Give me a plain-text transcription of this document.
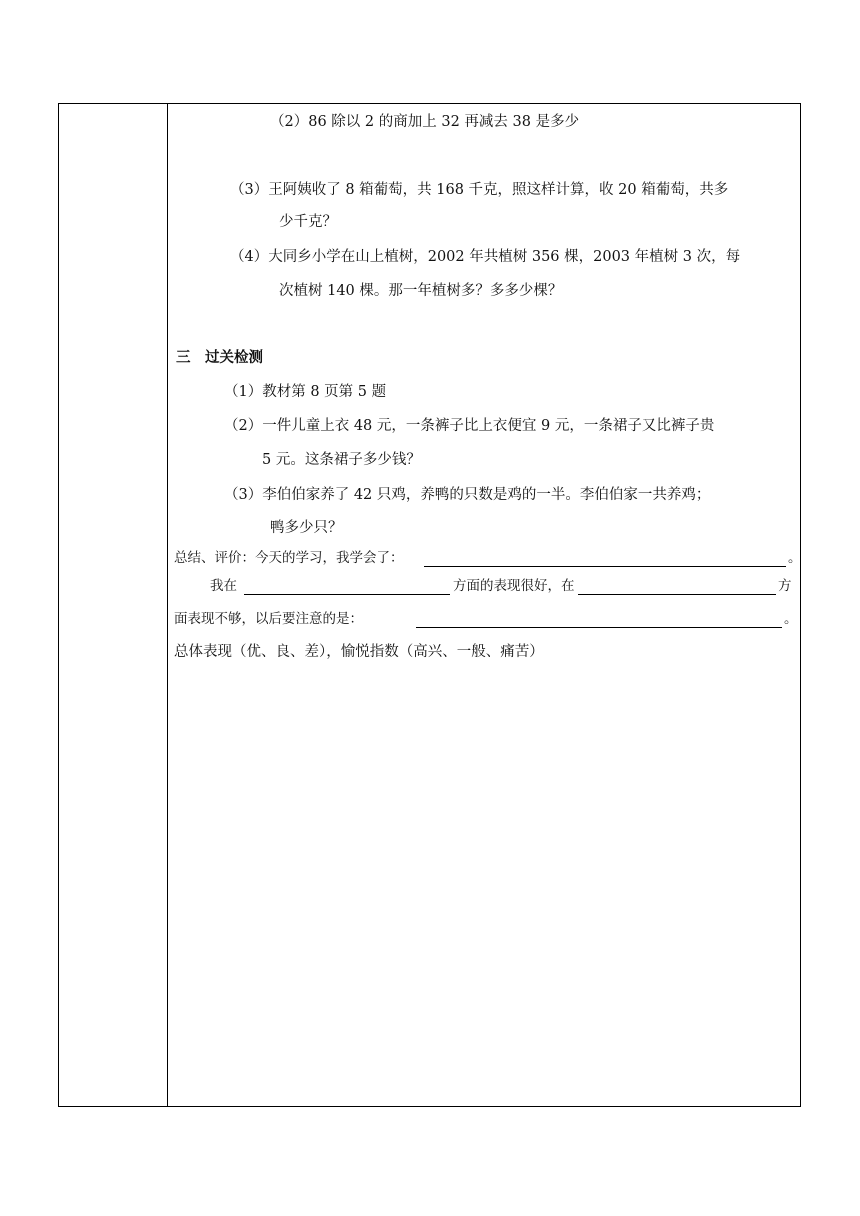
（2）86 除以 2 的商加上 32 再减去 38 是多少
（3）王阿姨收了 8 箱葡萄，共 168 千克，照这样计算，收 20 箱葡萄，共多
少千克？
（4）大同乡小学在山上植树，2002 年共植树 356 棵，2003 年植树 3 次，每
次植树 140 棵。那一年植树多？多多少棵？
三　过关检测
（1）教材第 8 页第 5 题
（2）一件儿童上衣 48 元，一条裤子比上衣便宜 9 元，一条裙子又比裤子贵
5 元。这条裙子多少钱？
（3）李伯伯家养了 42 只鸡，养鸭的只数是鸡的一半。李伯伯家一共养鸡；
鸭多少只？
总结、评价：今天的学习，我学会了：	。
我在	方面的表现很好，在	方
面表现不够，以后要注意的是：	。
总体表现（优、良、差），愉悦指数（高兴、一般、痛苦）
